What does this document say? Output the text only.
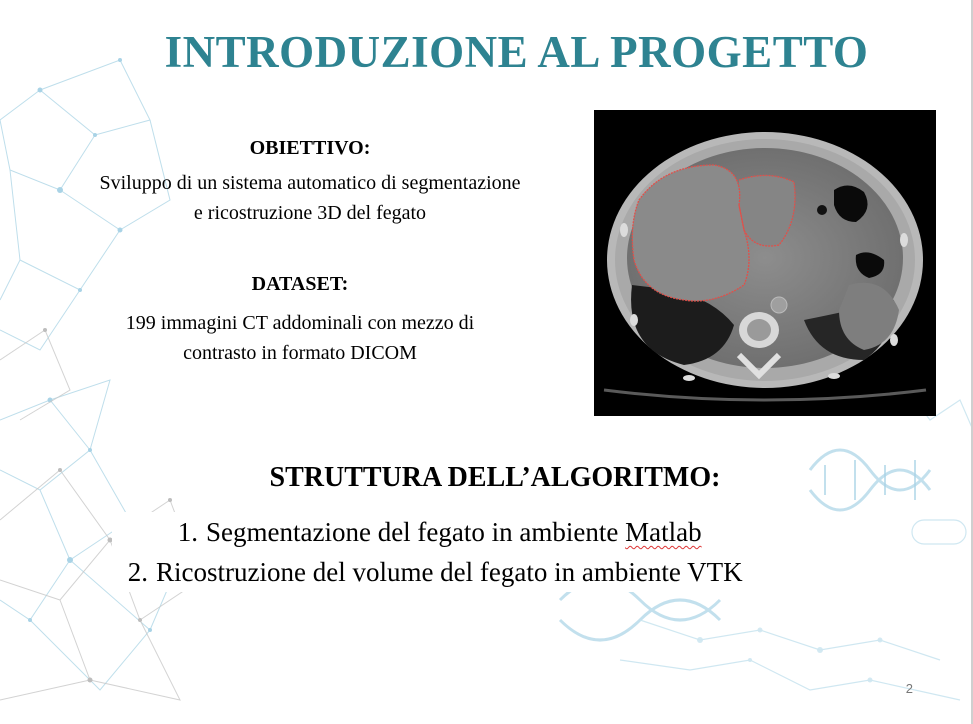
INTRODUZIONE AL PROGETTO
OBIETTIVO:
Sviluppo di un sistema automatico di segmentazione
e ricostruzione 3D del fegato
DATASET:
199 immagini CT addominali con mezzo di
contrasto in formato DICOM
STRUTTURA DELL’ALGORITMO:
1. Segmentazione del fegato in ambiente Matlab
2. Ricostruzione del volume del fegato in ambiente VTK
2
